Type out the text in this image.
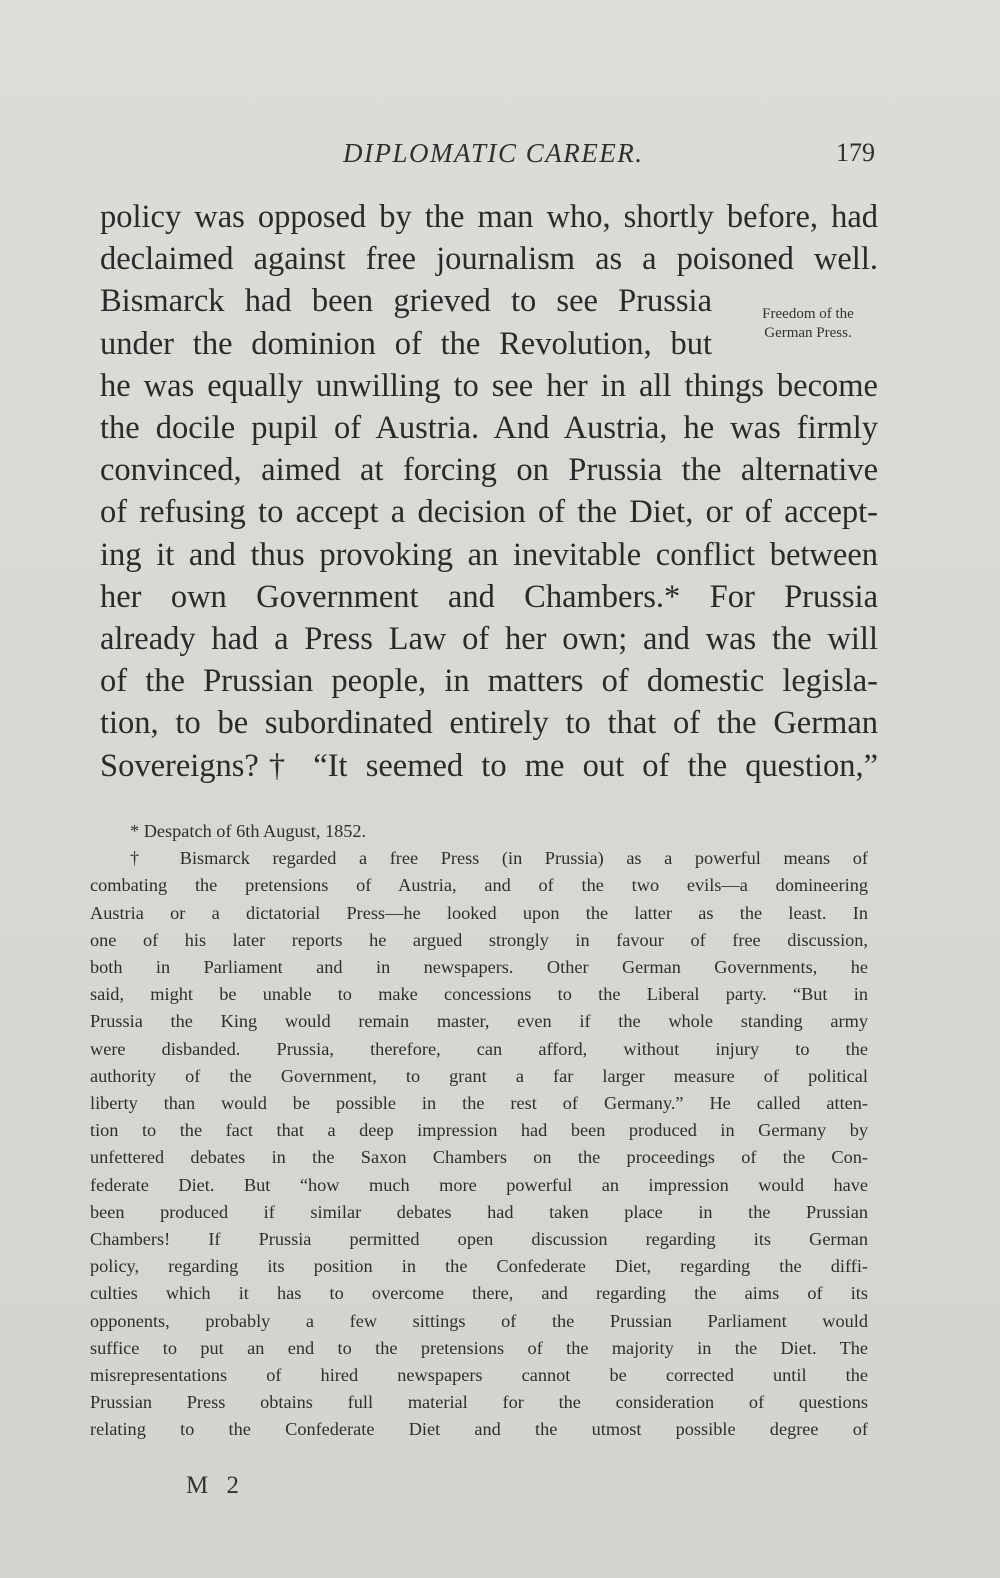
DIPLOMATIC CAREER.	179
policy was opposed by the man who, shortly before, had
declaimed against free journalism as a poisoned well.
Bismarck had been grieved to see Prussia
under the dominion of the Revolution, but
he was equally unwilling to see her in all things become
the docile pupil of Austria. And Austria, he was firmly
convinced, aimed at forcing on Prussia the alternative
of refusing to accept a decision of the Diet, or of accept-
ing it and thus provoking an inevitable conflict between
her own Government and Chambers.* For Prussia
already had a Press Law of her own; and was the will
of the Prussian people, in matters of domestic legisla-
tion, to be subordinated entirely to that of the German
Sovereigns?† “It seemed to me out of the question,”
Freedom of the
German Press.
* Despatch of 6th August, 1852.
† Bismarck regarded a free Press (in Prussia) as a powerful means of
combating the pretensions of Austria, and of the two evils—a domineering
Austria or a dictatorial Press—he looked upon the latter as the least. In
one of his later reports he argued strongly in favour of free discussion,
both in Parliament and in newspapers. Other German Governments, he
said, might be unable to make concessions to the Liberal party. “But in
Prussia the King would remain master, even if the whole standing army
were disbanded. Prussia, therefore, can afford, without injury to the
authority of the Government, to grant a far larger measure of political
liberty than would be possible in the rest of Germany.” He called atten-
tion to the fact that a deep impression had been produced in Germany by
unfettered debates in the Saxon Chambers on the proceedings of the Con-
federate Diet. But “how much more powerful an impression would have
been produced if similar debates had taken place in the Prussian
Chambers! If Prussia permitted open discussion regarding its German
policy, regarding its position in the Confederate Diet, regarding the diffi-
culties which it has to overcome there, and regarding the aims of its
opponents, probably a few sittings of the Prussian Parliament would
suffice to put an end to the pretensions of the majority in the Diet. The
misrepresentations of hired newspapers cannot be corrected until the
Prussian Press obtains full material for the consideration of questions
relating to the Confederate Diet and the utmost possible degree of
M 2
